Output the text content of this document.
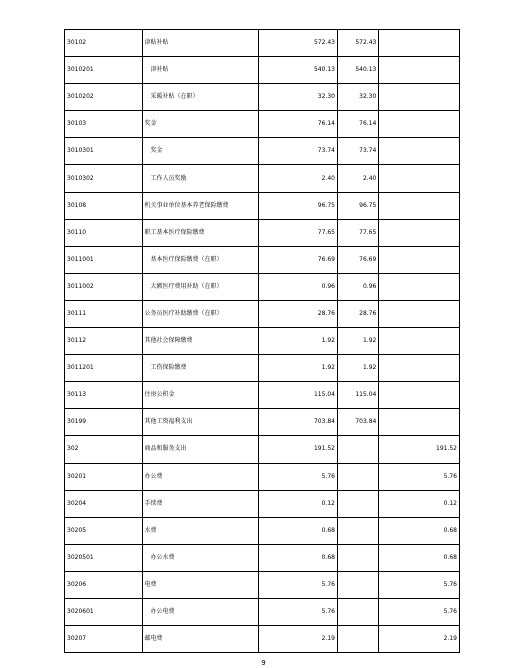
30102	津贴补贴	572.43	572.43	
3010201	津补贴	540.13	540.13	
3010202	采暖补贴（在职）	32.30	32.30	
30103	奖金	76.14	76.14	
3010301	奖金	73.74	73.74	
3010302	工作人员奖励	2.40	2.40	
30108	机关事业单位基本养老保险缴费	96.75	96.75	
30110	职工基本医疗保险缴费	77.65	77.65	
3011001	基本医疗保险缴费（在职）	76.69	76.69	
3011002	大额医疗费用补助（在职）	0.96	0.96	
30111	公务员医疗补助缴费（在职）	28.76	28.76	
30112	其他社会保障缴费	1.92	1.92	
3011201	工伤保险缴费	1.92	1.92	
30113	住房公积金	115.04	115.04	
30199	其他工资福利支出	703.84	703.84	
302	商品和服务支出	191.52		191.52
30201	办公费	5.76		5.76
30204	手续费	0.12		0.12
30205	水费	0.68		0.68
3020501	办公水费	0.68		0.68
30206	电费	5.76		5.76
3020601	办公电费	5.76		5.76
30207	邮电费	2.19		2.19
9
